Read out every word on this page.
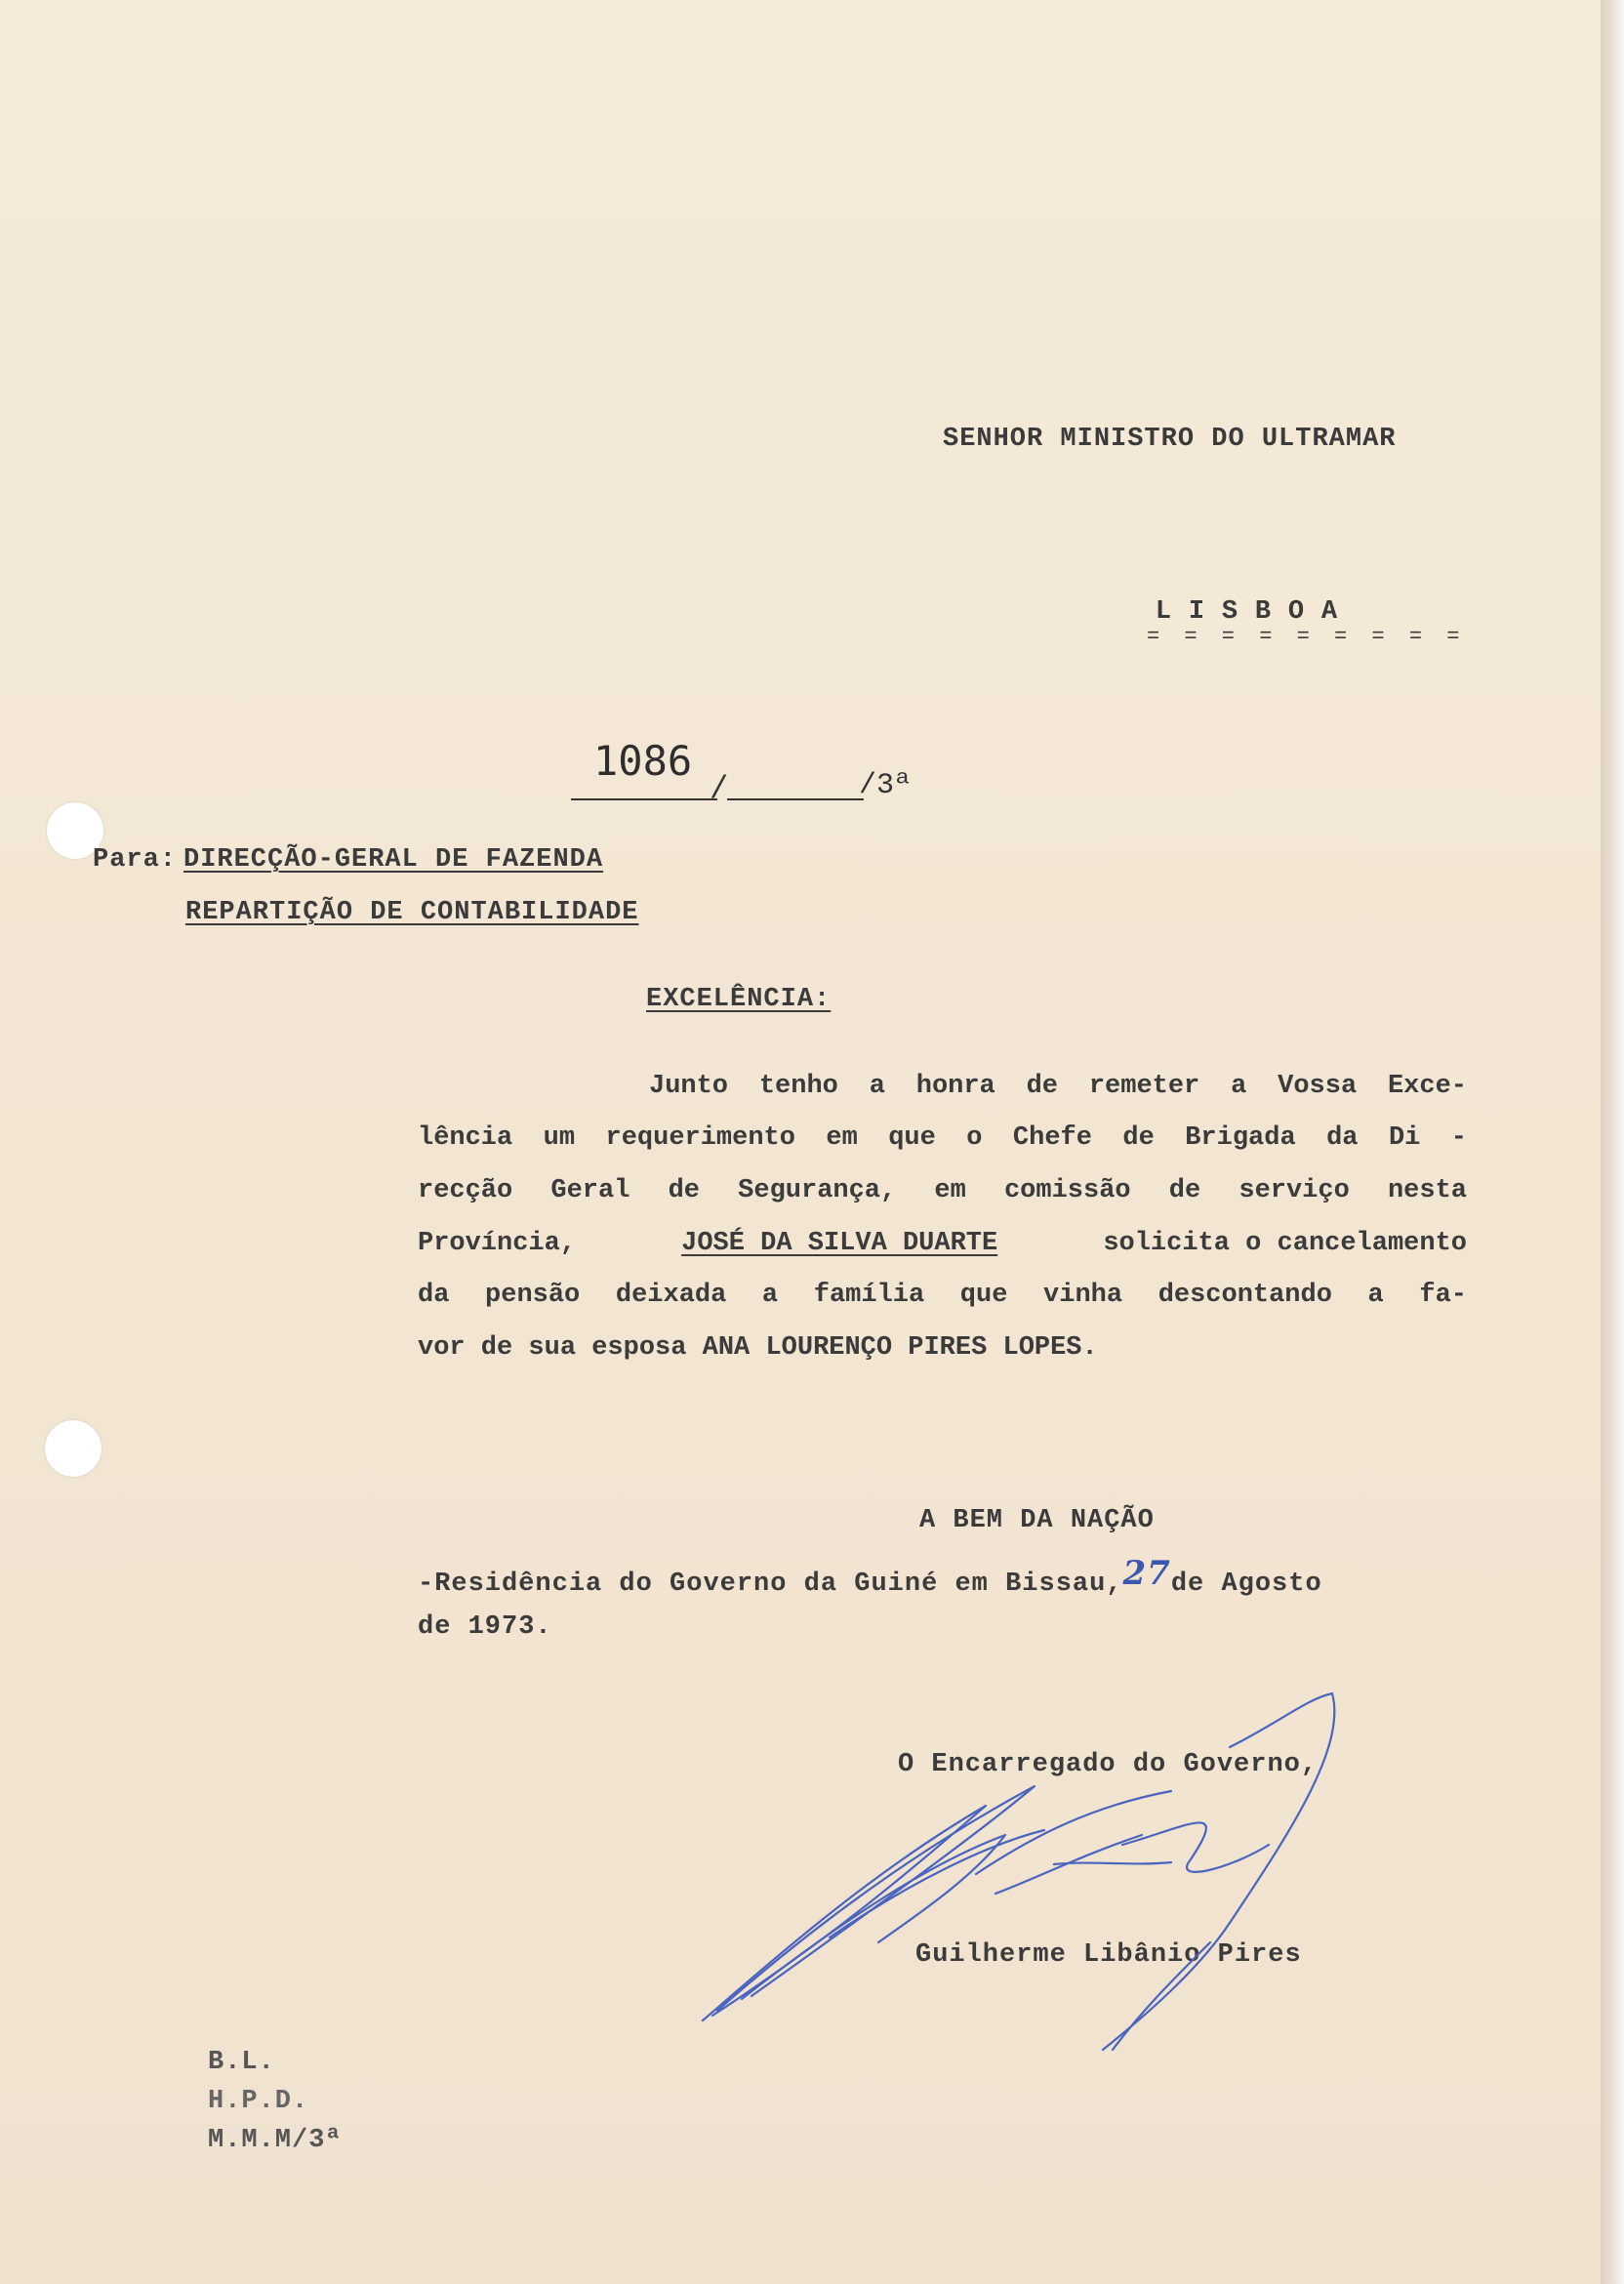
SENHOR MINISTRO DO ULTRAMAR
L I S B O A
= = = = = = = = =
1086
/	/3ª
Para: DIRECÇÃO-GERAL DE FAZENDA
REPARTIÇÃO DE CONTABILIDADE
EXCELÊNCIA:
Junto tenho a honra de remeter a Vossa Exce-
lência um requerimento em que o Chefe de Brigada da Di -
recção Geral de Segurança, em comissão de serviço nesta
Província,	JOSÉ DA SILVA DUARTE	solicita o cancelamento
da pensão deixada a família que vinha descontando a fa-
vor de sua esposa ANA LOURENÇO PIRES LOPES.
A BEM DA NAÇÃO
-Residência do Governo da Guiné em Bissau,27de Agosto
de 1973.
O Encarregado do Governo,
Guilherme Libânio Pires
B.L.
H.P.D.
M.M.M/3ª
